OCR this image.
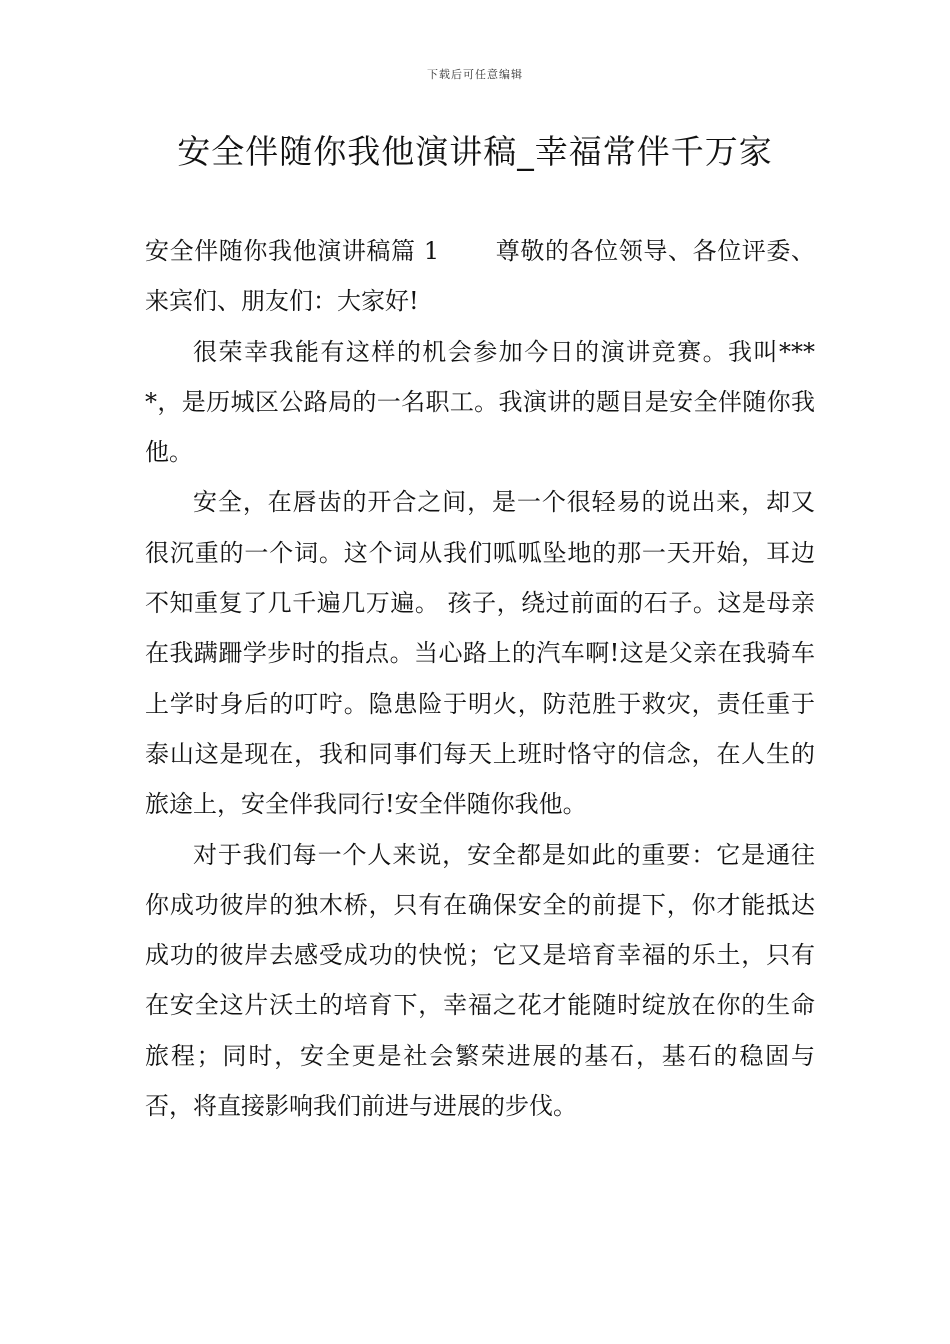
下载后可任意编辑
安全伴随你我他演讲稿_幸福常伴千万家

安全伴随你我他演讲稿篇 1 尊敬的各位领导、各位评委、来宾们、朋友们：大家好!

很荣幸我能有这样的机会参加今日的演讲竞赛。我叫****，是历城区公路局的一名职工。我演讲的题目是安全伴随你我他。

安全，在唇齿的开合之间，是一个很轻易的说出来，却又很沉重的一个词。这个词从我们呱呱坠地的那一天开始，耳边不知重复了几千遍几万遍。 孩子，绕过前面的石子。这是母亲在我蹒跚学步时的指点。当心路上的汽车啊!这是父亲在我骑车上学时身后的叮咛。隐患险于明火，防范胜于救灾，责任重于泰山这是现在，我和同事们每天上班时恪守的信念，在人生的旅途上，安全伴我同行!安全伴随你我他。

对于我们每一个人来说，安全都是如此的重要：它是通往你成功彼岸的独木桥，只有在确保安全的前提下，你才能抵达成功的彼岸去感受成功的快悦；它又是培育幸福的乐土，只有在安全这片沃土的培育下，幸福之花才能随时绽放在你的生命旅程；同时，安全更是社会繁荣进展的基石，基石的稳固与否，将直接影响我们前进与进展的步伐。
